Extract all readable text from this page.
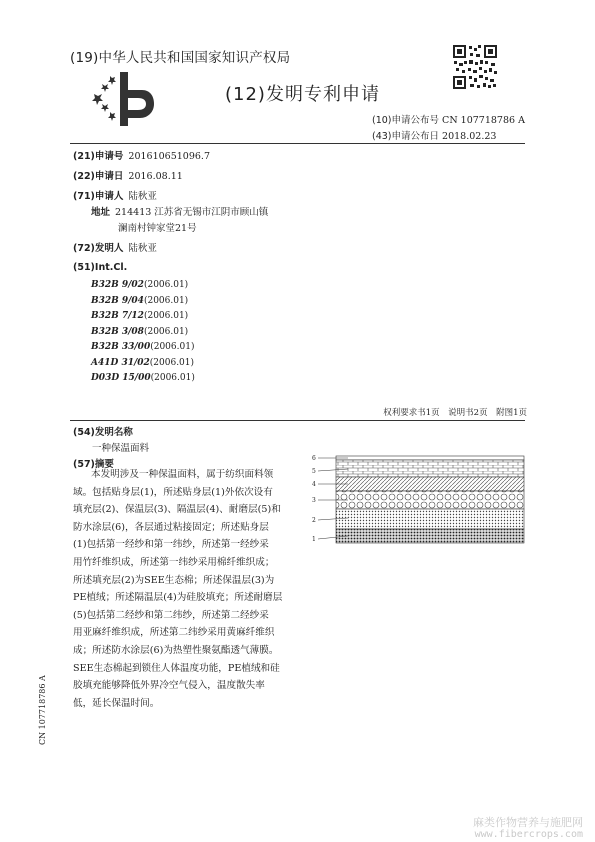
(19)中华人民共和国国家知识产权局
(12)发明专利申请
(10)申请公布号 CN 107718786 A
(43)申请公布日 2018.02.23
(21)申请号 201610651096.7
(22)申请日 2016.08.11
(71)申请人 陆秋亚
地址 214413 江苏省无锡市江阴市顾山镇
澜南村钟家堂21号
(72)发明人 陆秋亚
(51)Int.Cl.
B32B 9/02(2006.01)
B32B 9/04(2006.01)
B32B 7/12(2006.01)
B32B 3/08(2006.01)
B32B 33/00(2006.01)
A41D 31/02(2006.01)
D03D 15/00(2006.01)
权利要求书1页　说明书2页　附图1页
(54)发明名称
一种保温面料
(57)摘要
本发明涉及一种保温面料，属于纺织面料领
域。包括贴身层(1)，所述贴身层(1)外依次设有
填充层(2)、保温层(3)、隔温层(4)、耐磨层(5)和
防水涂层(6)，各层通过粘接固定；所述贴身层
(1)包括第一经纱和第一纬纱，所述第一经纱采
用竹纤维织成，所述第一纬纱采用棉纤维织成；
所述填充层(2)为SEE生态棉；所述保温层(3)为
PE植绒；所述隔温层(4)为硅胶填充；所述耐磨层
(5)包括第二经纱和第二纬纱，所述第二经纱采
用亚麻纤维织成，所述第二纬纱采用黄麻纤维织
成；所述防水涂层(6)为热塑性聚氨酯透气薄膜。
SEE生态棉起到锁住人体温度功能，PE植绒和硅
胶填充能够降低外界冷空气侵入，温度散失率
低，延长保温时间。
6
5
4
3
2
1
CN 107718786 A
麻类作物营养与施肥网
www.fibercrops.com
